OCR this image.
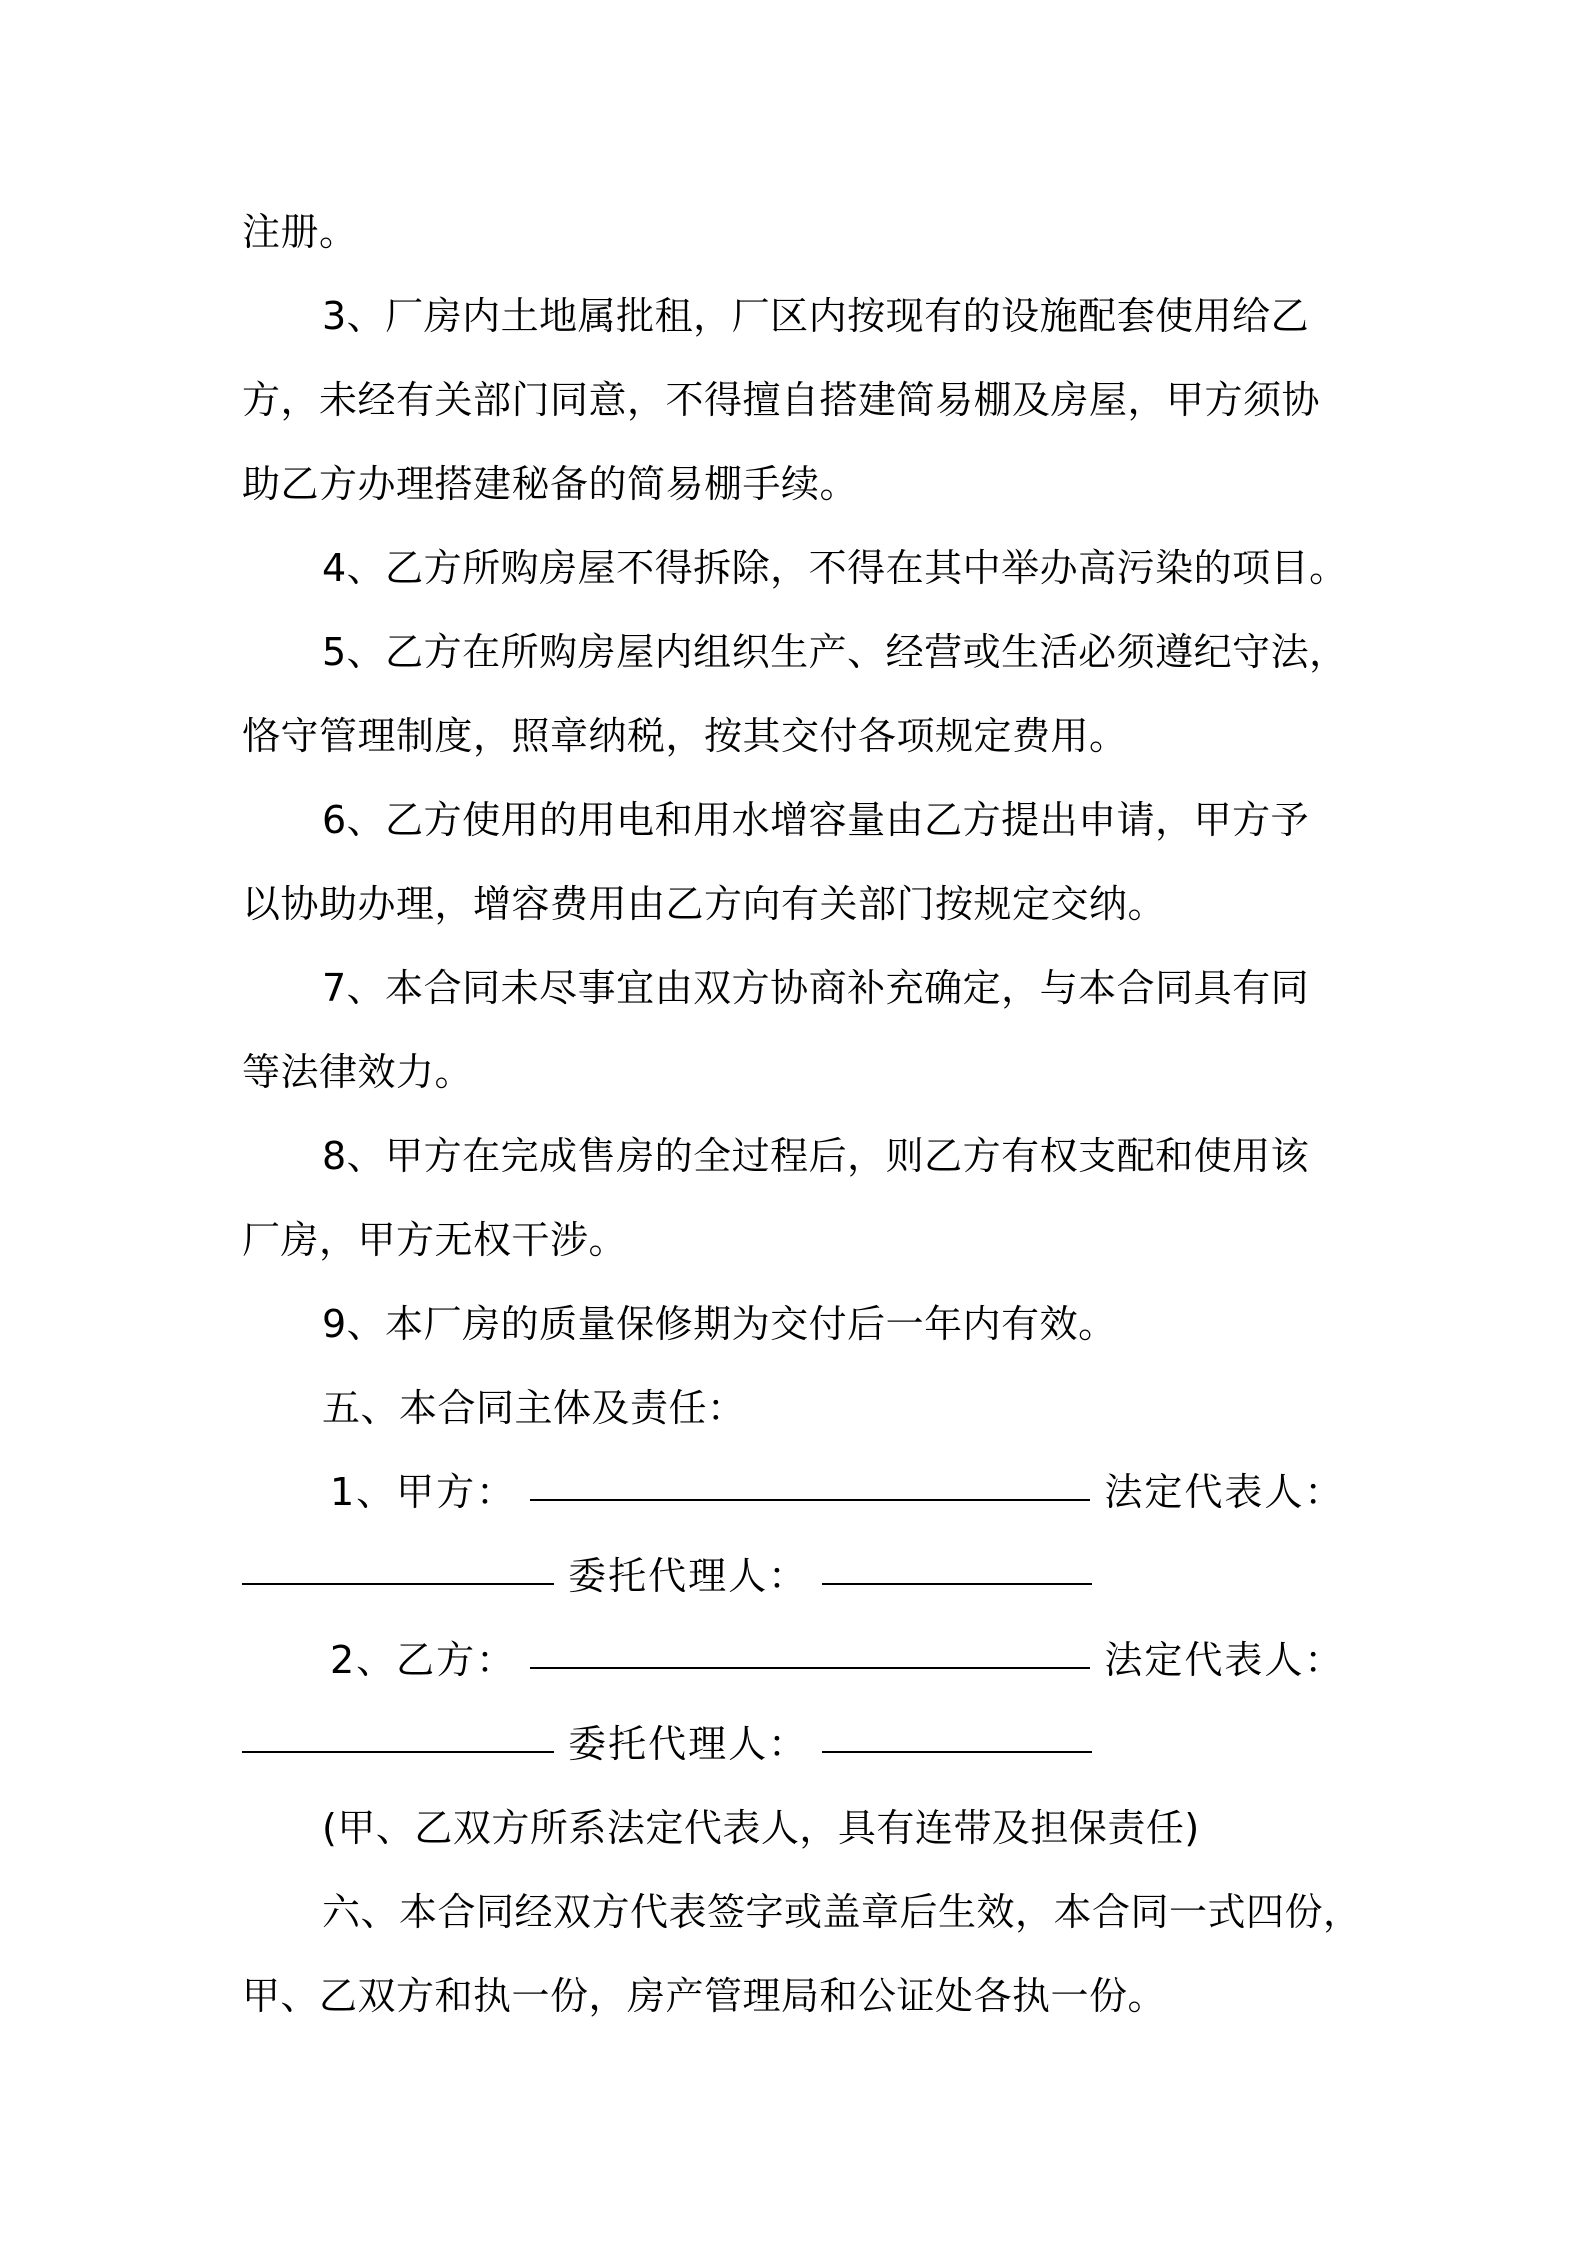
注册。
3、厂房内土地属批租，厂区内按现有的设施配套使用给乙
方，未经有关部门同意，不得擅自搭建简易棚及房屋，甲方须协
助乙方办理搭建秘备的简易棚手续。
4、乙方所购房屋不得拆除，不得在其中举办高污染的项目。
5、乙方在所购房屋内组织生产、经营或生活必须遵纪守法，
恪守管理制度，照章纳税，按其交付各项规定费用。
6、乙方使用的用电和用水增容量由乙方提出申请，甲方予
以协助办理，增容费用由乙方向有关部门按规定交纳。
7、本合同未尽事宜由双方协商补充确定，与本合同具有同
等法律效力。
8、甲方在完成售房的全过程后，则乙方有权支配和使用该
厂房，甲方无权干涉。
9、本厂房的质量保修期为交付后一年内有效。
五、本合同主体及责任：
1、甲方：	法定代表人：
委托代理人：
2、乙方：	法定代表人：
委托代理人：
(甲、乙双方所系法定代表人，具有连带及担保责任)
六、本合同经双方代表签字或盖章后生效，本合同一式四份，
甲、乙双方和执一份，房产管理局和公证处各执一份。
